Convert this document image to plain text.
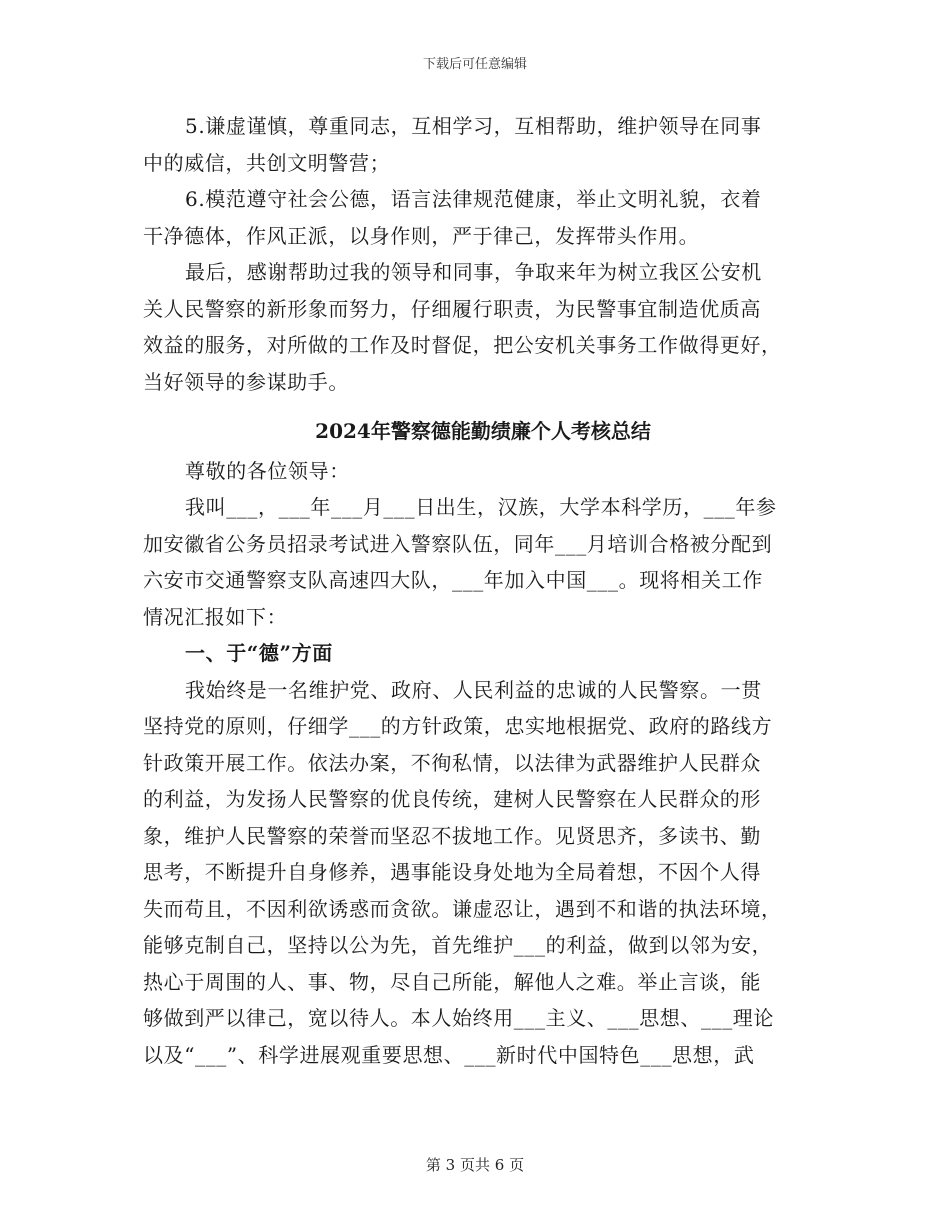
下载后可任意编辑
5.谦虚谨慎，尊重同志，互相学习，互相帮助，维护领导在同事
中的威信，共创文明警营；
6.模范遵守社会公德，语言法律规范健康，举止文明礼貌，衣着
干净德体，作风正派，以身作则，严于律己，发挥带头作用。
最后，感谢帮助过我的领导和同事，争取来年为树立我区公安机
关人民警察的新形象而努力，仔细履行职责，为民警事宜制造优质高
效益的服务，对所做的工作及时督促，把公安机关事务工作做得更好，
当好领导的参谋助手。
2024年警察德能勤绩廉个人考核总结
尊敬的各位领导：
我叫___，___年___月___日出生，汉族，大学本科学历，___年参
加安徽省公务员招录考试进入警察队伍，同年___月培训合格被分配到
六安市交通警察支队高速四大队，___年加入中国___。现将相关工作
情况汇报如下：
一、于“德”方面
我始终是一名维护党、政府、人民利益的忠诚的人民警察。一贯
坚持党的原则，仔细学___的方针政策，忠实地根据党、政府的路线方
针政策开展工作。依法办案，不徇私情，以法律为武器维护人民群众
的利益，为发扬人民警察的优良传统，建树人民警察在人民群众的形
象，维护人民警察的荣誉而坚忍不拔地工作。见贤思齐，多读书、勤
思考，不断提升自身修养，遇事能设身处地为全局着想，不因个人得
失而苟且，不因利欲诱惑而贪欲。谦虚忍让，遇到不和谐的执法环境，
能够克制自己，坚持以公为先，首先维护___的利益，做到以邻为安，
热心于周围的人、事、物，尽自己所能，解他人之难。举止言谈，能
够做到严以律己，宽以待人。本人始终用___主义、___思想、___理论
以及“___”、科学进展观重要思想、___新时代中国特色___思想，武
第 3 页共 6 页
